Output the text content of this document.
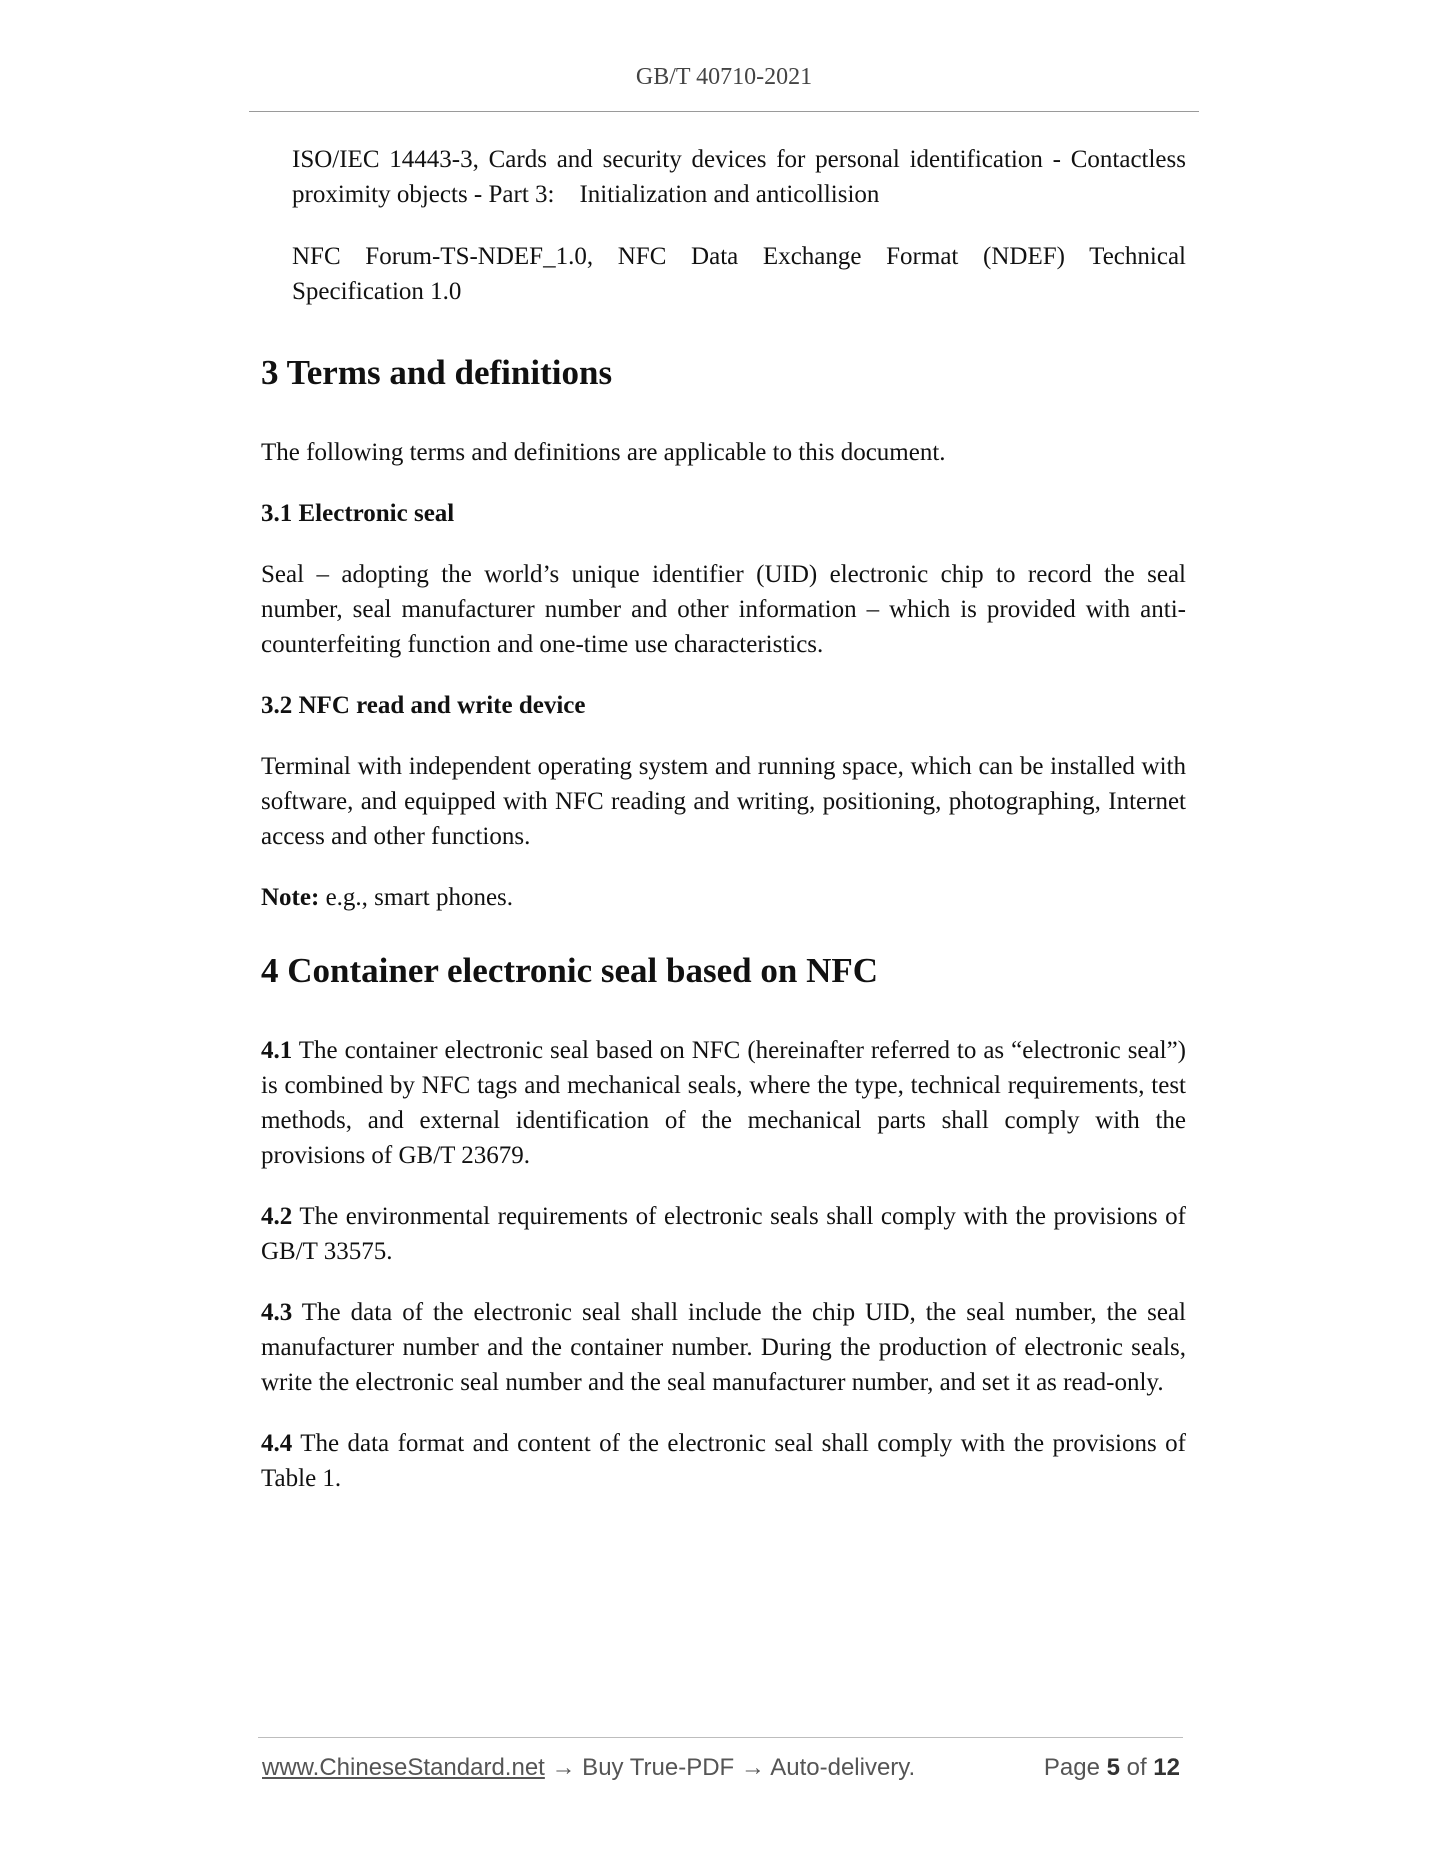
GB/T 40710-2021

ISO/IEC 14443-3, Cards and security devices for personal identification - Contactless proximity objects - Part 3: Initialization and anticollision

NFC Forum-TS-NDEF_1.0, NFC Data Exchange Format (NDEF) Technical Specification 1.0

3 Terms and definitions

The following terms and definitions are applicable to this document.

3.1 Electronic seal

Seal – adopting the world’s unique identifier (UID) electronic chip to record the seal number, seal manufacturer number and other information – which is provided with anti-counterfeiting function and one-time use characteristics.

3.2 NFC read and write device

Terminal with independent operating system and running space, which can be installed with software, and equipped with NFC reading and writing, positioning, photographing, Internet access and other functions.

Note: e.g., smart phones.

4 Container electronic seal based on NFC

4.1 The container electronic seal based on NFC (hereinafter referred to as “electronic seal”) is combined by NFC tags and mechanical seals, where the type, technical requirements, test methods, and external identification of the mechanical parts shall comply with the provisions of GB/T 23679.

4.2 The environmental requirements of electronic seals shall comply with the provisions of GB/T 33575.

4.3 The data of the electronic seal shall include the chip UID, the seal number, the seal manufacturer number and the container number. During the production of electronic seals, write the electronic seal number and the seal manufacturer number, and set it as read-only.

4.4 The data format and content of the electronic seal shall comply with the provisions of Table 1.

www.ChineseStandard.net → Buy True-PDF → Auto-delivery.	Page 5 of 12
